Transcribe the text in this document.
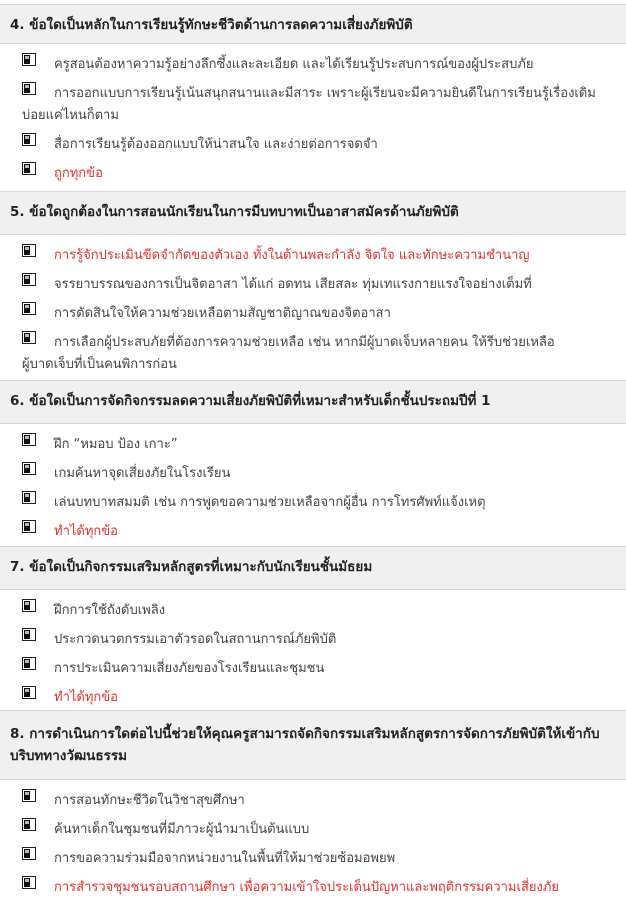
4. ข้อใดเป็นหลักในการเรียนรู้ทักษะชีวิตด้านการลดความเสี่ยงภัยพิบัติ
ครูสอนต้องหาความรู้อย่างลึกซึ้งและละเอียด และได้เรียนรู้ประสบการณ์ของผู้ประสบภัย
การออกแบบการเรียนรู้เน้นสนุกสนานและมีสาระ เพราะผู้เรียนจะมีความยินดีในการเรียนรู้เรื่องเดิม
บ่อยแค่ไหนก็ตาม
สื่อการเรียนรู้ต้องออกแบบให้น่าสนใจ และง่ายต่อการจดจำ
ถูกทุกข้อ
5. ข้อใดถูกต้องในการสอนนักเรียนในการมีบทบาทเป็นอาสาสมัครด้านภัยพิบัติ
การรู้จักประเมินขีดจำกัดของตัวเอง ทั้งในด้านพละกำลัง จิตใจ และทักษะความชำนาญ
จรรยาบรรณของการเป็นจิตอาสา ได้แก่ อดทน เสียสละ ทุ่มเทแรงกายแรงใจอย่างเต็มที่
การตัดสินใจให้ความช่วยเหลือตามสัญชาติญาณของจิตอาสา
การเลือกผู้ประสบภัยที่ต้องการความช่วยเหลือ เช่น หากมีผู้บาดเจ็บหลายคน ให้รีบช่วยเหลือ
ผู้บาดเจ็บที่เป็นคนพิการก่อน
6. ข้อใดเป็นการจัดกิจกรรมลดความเสี่ยงภัยพิบัติที่เหมาะสำหรับเด็กชั้นประถมปีที่ 1
ฝึก “หมอบ ป้อง เกาะ”
เกมค้นหาจุดเสี่ยงภัยในโรงเรียน
เล่นบทบาทสมมติ เช่น การพูดขอความช่วยเหลือจากผู้อื่น การโทรศัพท์แจ้งเหตุ
ทำได้ทุกข้อ
7. ข้อใดเป็นกิจกรรมเสริมหลักสูตรที่เหมาะกับนักเรียนชั้นมัธยม
ฝึกการใช้ถังดับเพลิง
ประกวดนวตกรรมเอาตัวรอดในสถานการณ์ภัยพิบัติ
การประเมินความเสี่ยงภัยของโรงเรียนและชุมชน
ทำได้ทุกข้อ
8. การดำเนินการใดต่อไปนี้ช่วยให้คุณครูสามารถจัดกิจกรรมเสริมหลักสูตรการจัดการภัยพิบัติให้เข้ากับ
บริบททางวัฒนธรรม
การสอนทักษะชีวิตในวิชาสุขศึกษา
ค้นหาเด็กในชุมชนที่มีภาวะผู้นำมาเป็นต้นแบบ
การขอความร่วมมือจากหน่วยงานในพื้นที่ให้มาช่วยซ้อมอพยพ
การสำรวจชุมชนรอบสถานศึกษา เพื่อความเข้าใจประเด็นปัญหาและพฤติกรรมความเสี่ยงภัย
